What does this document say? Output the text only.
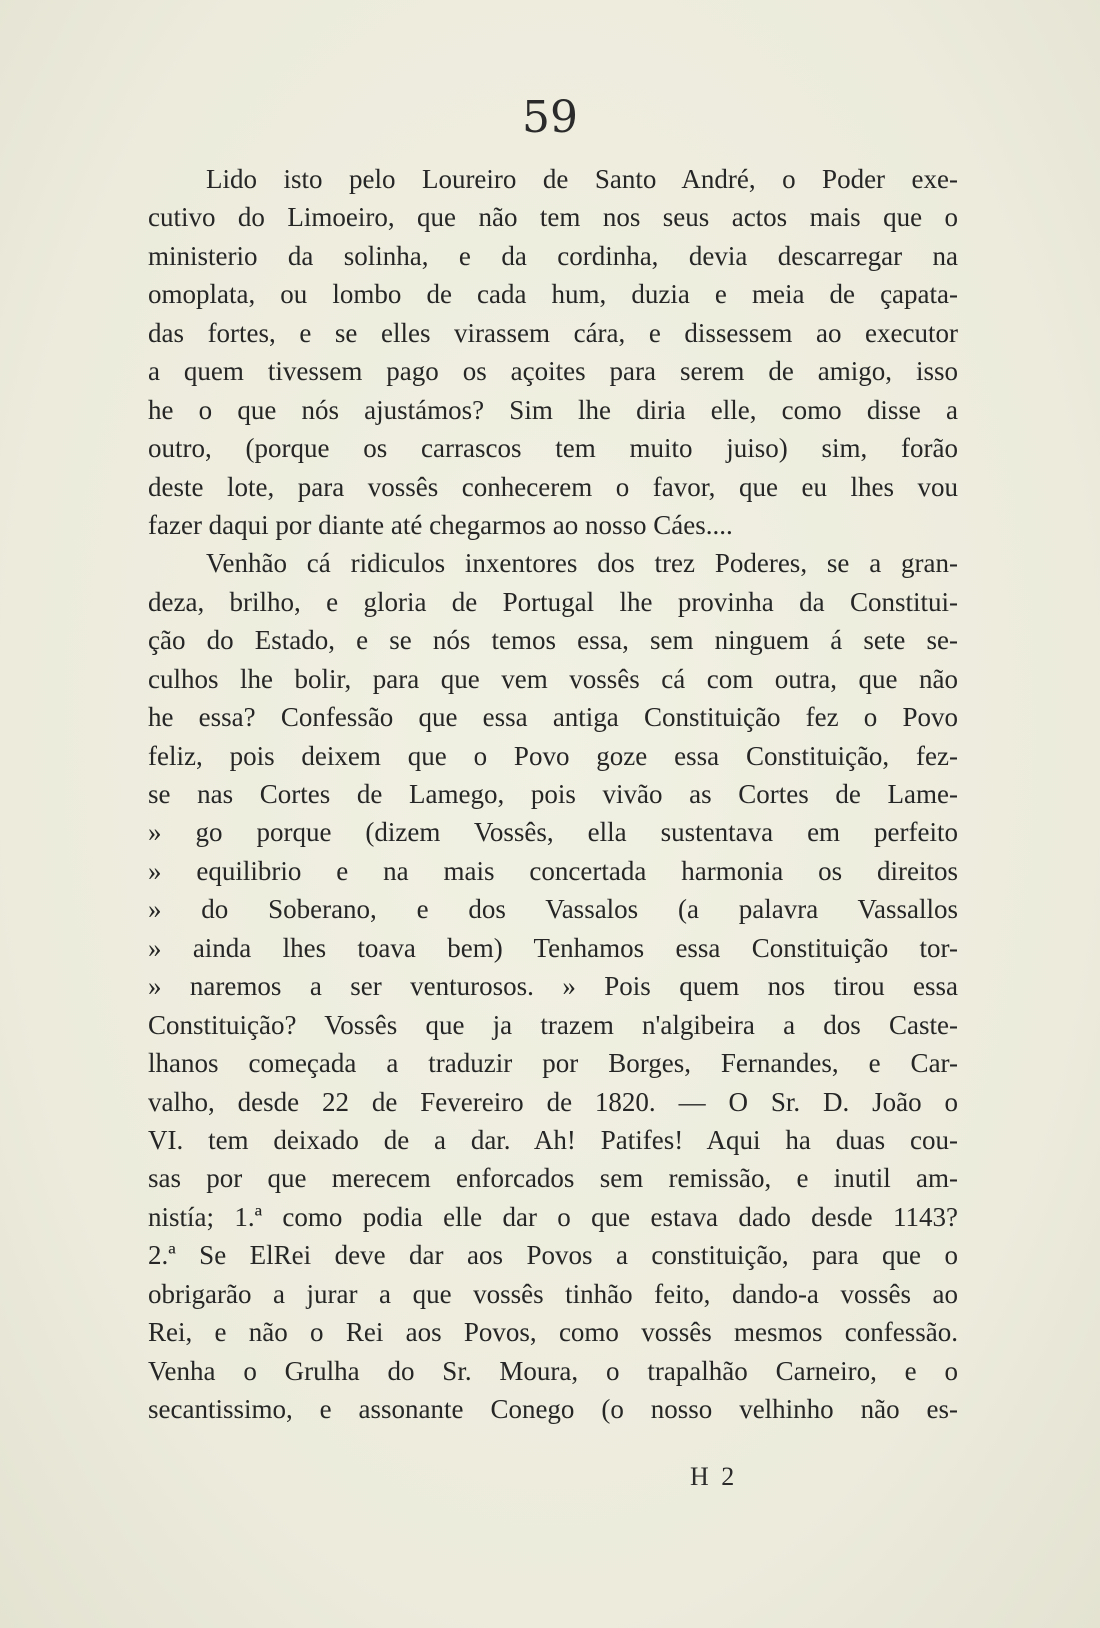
59
Lido isto pelo Loureiro de Santo André, o Poder exe-
cutivo do Limoeiro, que não tem nos seus actos mais que o
ministerio da solinha, e da cordinha, devia descarregar na
omoplata, ou lombo de cada hum, duzia e meia de çapata-
das fortes, e se elles virassem cára, e dissessem ao executor
a quem tivessem pago os açoites para serem de amigo, isso
he o que nós ajustámos? Sim lhe diria elle, como disse a
outro, (porque os carrascos tem muito juiso) sim, forão
deste lote, para vossês conhecerem o favor, que eu lhes vou
fazer daqui por diante até chegarmos ao nosso Cáes....
Venhão cá ridiculos inxentores dos trez Poderes, se a gran-
deza, brilho, e gloria de Portugal lhe provinha da Constitui-
ção do Estado, e se nós temos essa, sem ninguem á sete se-
culhos lhe bolir, para que vem vossês cá com outra, que não
he essa? Confessão que essa antiga Constituição fez o Povo
feliz, pois deixem que o Povo goze essa Constituição, fez-
se nas Cortes de Lamego, pois vivão as Cortes de Lame-
» go porque (dizem Vossês, ella sustentava em perfeito
» equilibrio e na mais concertada harmonia os direitos
» do Soberano, e dos Vassalos (a palavra Vassallos
» ainda lhes toava bem) Tenhamos essa Constituição tor-
» naremos a ser venturosos. » Pois quem nos tirou essa
Constituição? Vossês que ja trazem n'algibeira a dos Caste-
lhanos começada a traduzir por Borges, Fernandes, e Car-
valho, desde 22 de Fevereiro de 1820. — O Sr. D. João o
VI. tem deixado de a dar. Ah! Patifes! Aqui ha duas cou-
sas por que merecem enforcados sem remissão, e inutil am-
nistía; 1.ª como podia elle dar o que estava dado desde 1143?
2.ª Se ElRei deve dar aos Povos a constituição, para que o
obrigarão a jurar a que vossês tinhão feito, dando-a vossês ao
Rei, e não o Rei aos Povos, como vossês mesmos confessão.
Venha o Grulha do Sr. Moura, o trapalhão Carneiro, e o
secantissimo, e assonante Conego (o nosso velhinho não es-
H 2
